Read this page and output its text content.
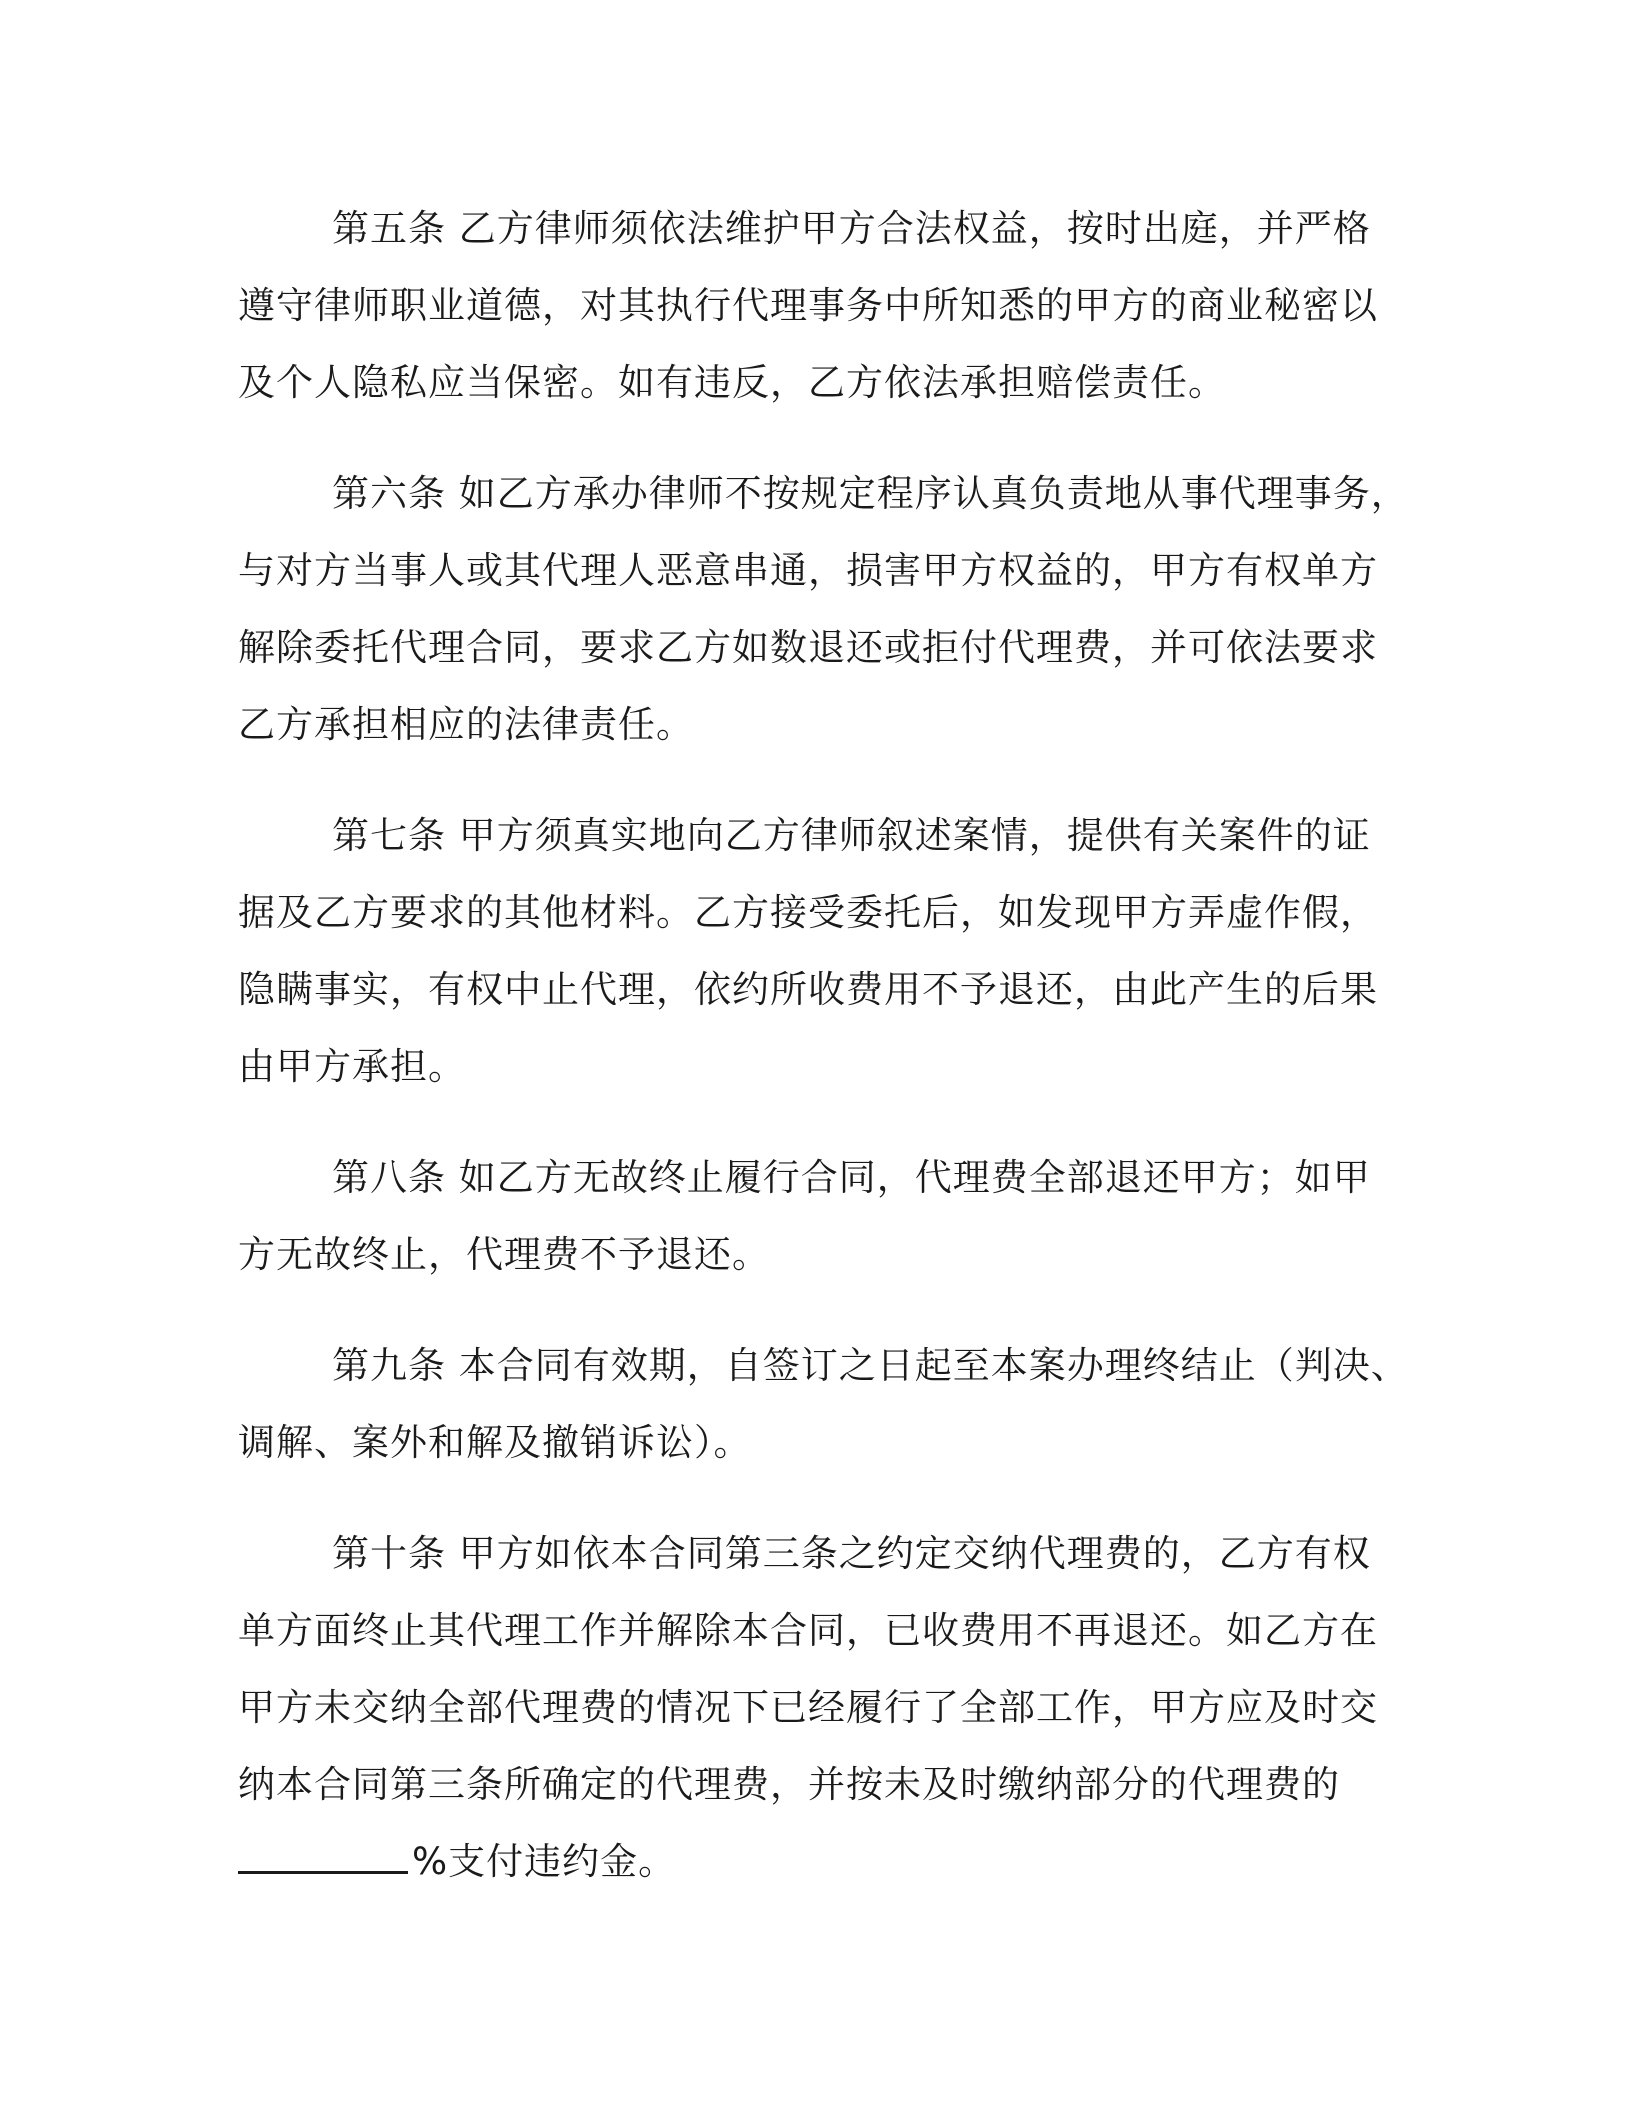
第五条 乙方律师须依法维护甲方合法权益，按时出庭，并严格
遵守律师职业道德，对其执行代理事务中所知悉的甲方的商业秘密以
及个人隐私应当保密。如有违反，乙方依法承担赔偿责任。
第六条 如乙方承办律师不按规定程序认真负责地从事代理事务，
与对方当事人或其代理人恶意串通，损害甲方权益的，甲方有权单方
解除委托代理合同，要求乙方如数退还或拒付代理费，并可依法要求
乙方承担相应的法律责任。
第七条 甲方须真实地向乙方律师叙述案情，提供有关案件的证
据及乙方要求的其他材料。乙方接受委托后，如发现甲方弄虚作假，
隐瞒事实，有权中止代理，依约所收费用不予退还，由此产生的后果
由甲方承担。
第八条 如乙方无故终止履行合同，代理费全部退还甲方；如甲
方无故终止，代理费不予退还。
第九条 本合同有效期，自签订之日起至本案办理终结止（判决、
调解、案外和解及撤销诉讼）。
第十条 甲方如依本合同第三条之约定交纳代理费的，乙方有权
单方面终止其代理工作并解除本合同，已收费用不再退还。如乙方在
甲方未交纳全部代理费的情况下已经履行了全部工作，甲方应及时交
纳本合同第三条所确定的代理费，并按未及时缴纳部分的代理费的
%支付违约金。
